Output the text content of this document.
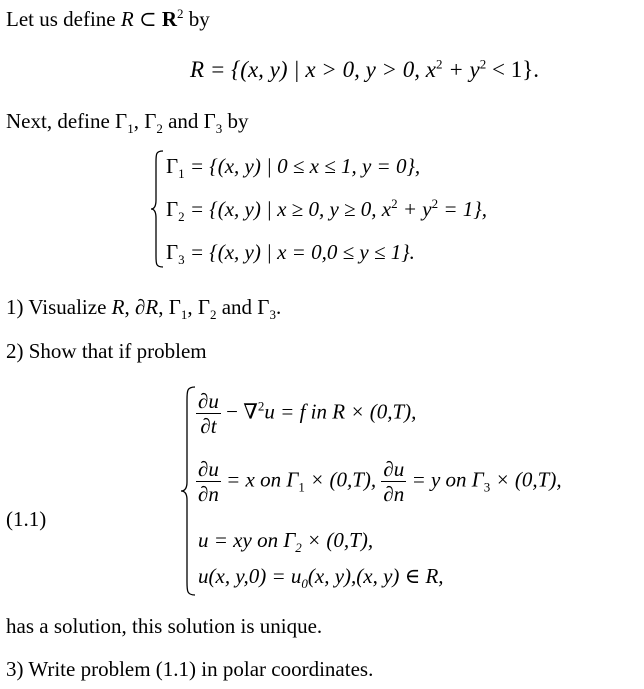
Let us define R ⊂ $R^2$ by
R = {(x, y) | x > 0, y > 0, $x^2 + y^2 < 1$}.
Next, define $\Gamma_1$, $\Gamma_2$ and $\Gamma_3$ by
$\Gamma_1 = \{(x$, y) | 0 ≤ x ≤ 1, y = 0},
$\Gamma_2 = \{(x$, y) | x ≥ 0, y ≥ 0, $x^2 + y^2 = 1$},
$\Gamma_3 = \{(x$, y) | x = 0,0 ≤ y ≤ 1}.
1) Visualize R, ∂R, $\Gamma_1$, $\Gamma_2$ and $\Gamma_3$.
2) Show that if problem
$\frac{\partial u}{\partial t} - \nabla^2u = f$ in R × (0,T),
$\frac{\partial u}{\partial n} = x$ on $\Gamma_1 \times (0,T)$, $\frac{\partial u}{\partial n} = y$ on $\Gamma_3 \times (0,T)$,
u = xy on $\Gamma_2 \times (0,T)$,
u(x, $y,0) = u_0(x$, y),(x, y) ∈ R,
(1.1)
has a solution, this solution is unique.
3) Write problem (1.1) in polar coordinates.
